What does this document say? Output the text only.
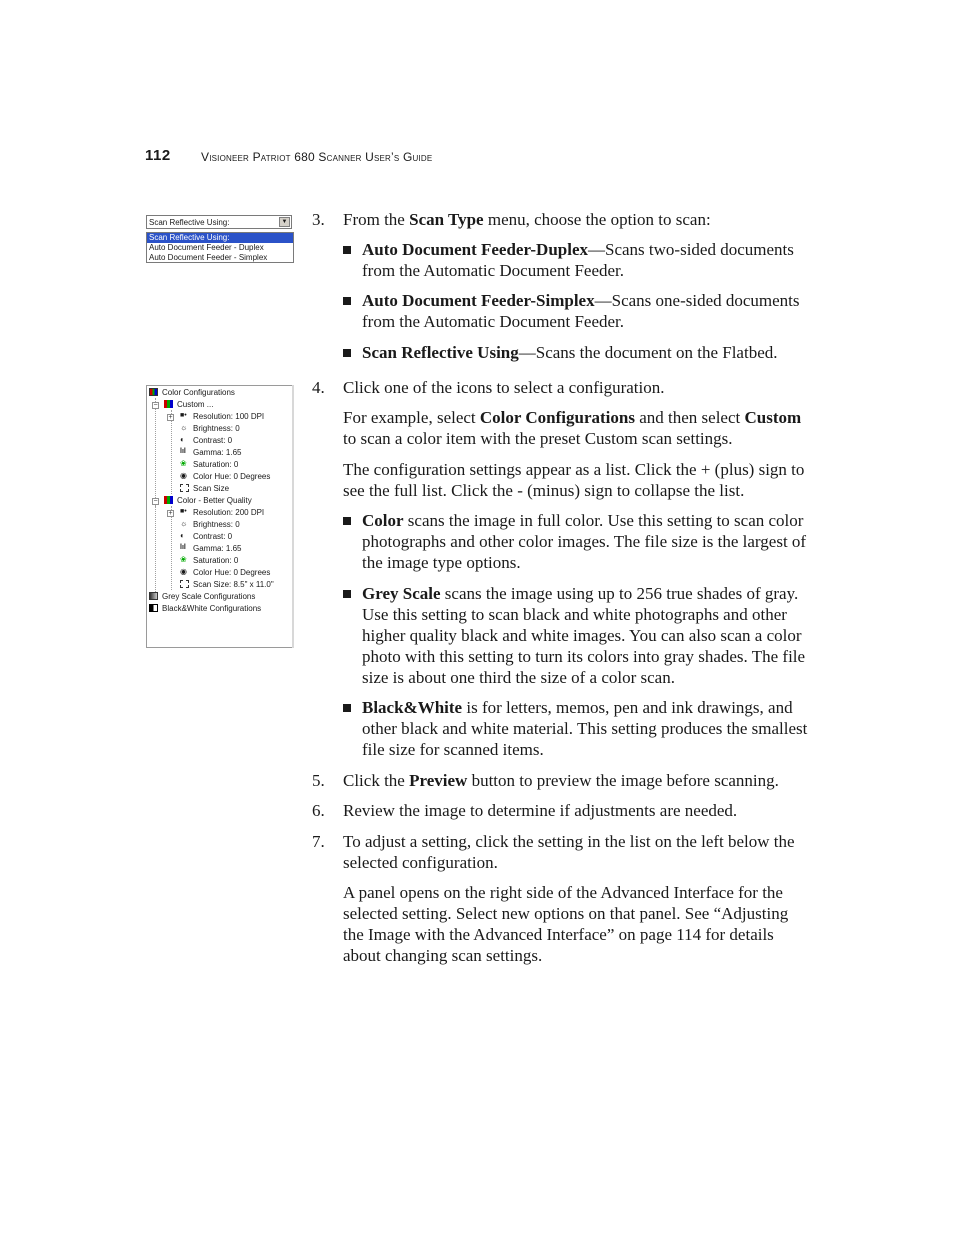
112	Visioneer Patriot 680 Scanner User’s Guide
Scan Reflective Using:	▼
Scan Reflective Using:
Auto Document Feeder - Duplex
Auto Document Feeder - Simplex
Color Configurations
−	Custom ...
+ ■• Resolution: 100 DPI
☼ Brightness: 0
◐ Contrast: 0
lıl Gamma: 1.65
❀ Saturation: 0
◉ Color Hue: 0 Degrees
Scan Size
−	Color - Better Quality
+ ■• Resolution: 200 DPI
☼ Brightness: 0
◐ Contrast: 0
lıl Gamma: 1.65
❀ Saturation: 0
◉ Color Hue: 0 Degrees
Scan Size: 8.5" x 11.0"
Grey Scale Configurations
Black&White Configurations
3. From the Scan Type menu, choose the option to scan:
Auto Document Feeder-Duplex—Scans two-sided documents from the Automatic Document Feeder.
Auto Document Feeder-Simplex—Scans one-sided documents from the Automatic Document Feeder.
Scan Reflective Using—Scans the document on the Flatbed.
4. Click one of the icons to select a configuration.
For example, select Color Configurations and then select Custom to scan a color item with the preset Custom scan settings.
The configuration settings appear as a list. Click the + (plus) sign to see the full list. Click the - (minus) sign to collapse the list.
Color scans the image in full color. Use this setting to scan color photographs and other color images. The file size is the largest of the image type options.
Grey Scale scans the image using up to 256 true shades of gray. Use this setting to scan black and white photographs and other higher quality black and white images. You can also scan a color photo with this setting to turn its colors into gray shades. The file size is about one third the size of a color scan.
Black&White is for letters, memos, pen and ink drawings, and other black and white material. This setting produces the smallest file size for scanned items.
5. Click the Preview button to preview the image before scanning.
6. Review the image to determine if adjustments are needed.
7. To adjust a setting, click the setting in the list on the left below the selected configuration.
A panel opens on the right side of the Advanced Interface for the selected setting. Select new options on that panel. See “Adjusting the Image with the Advanced Interface” on page 114 for details about changing scan settings.
